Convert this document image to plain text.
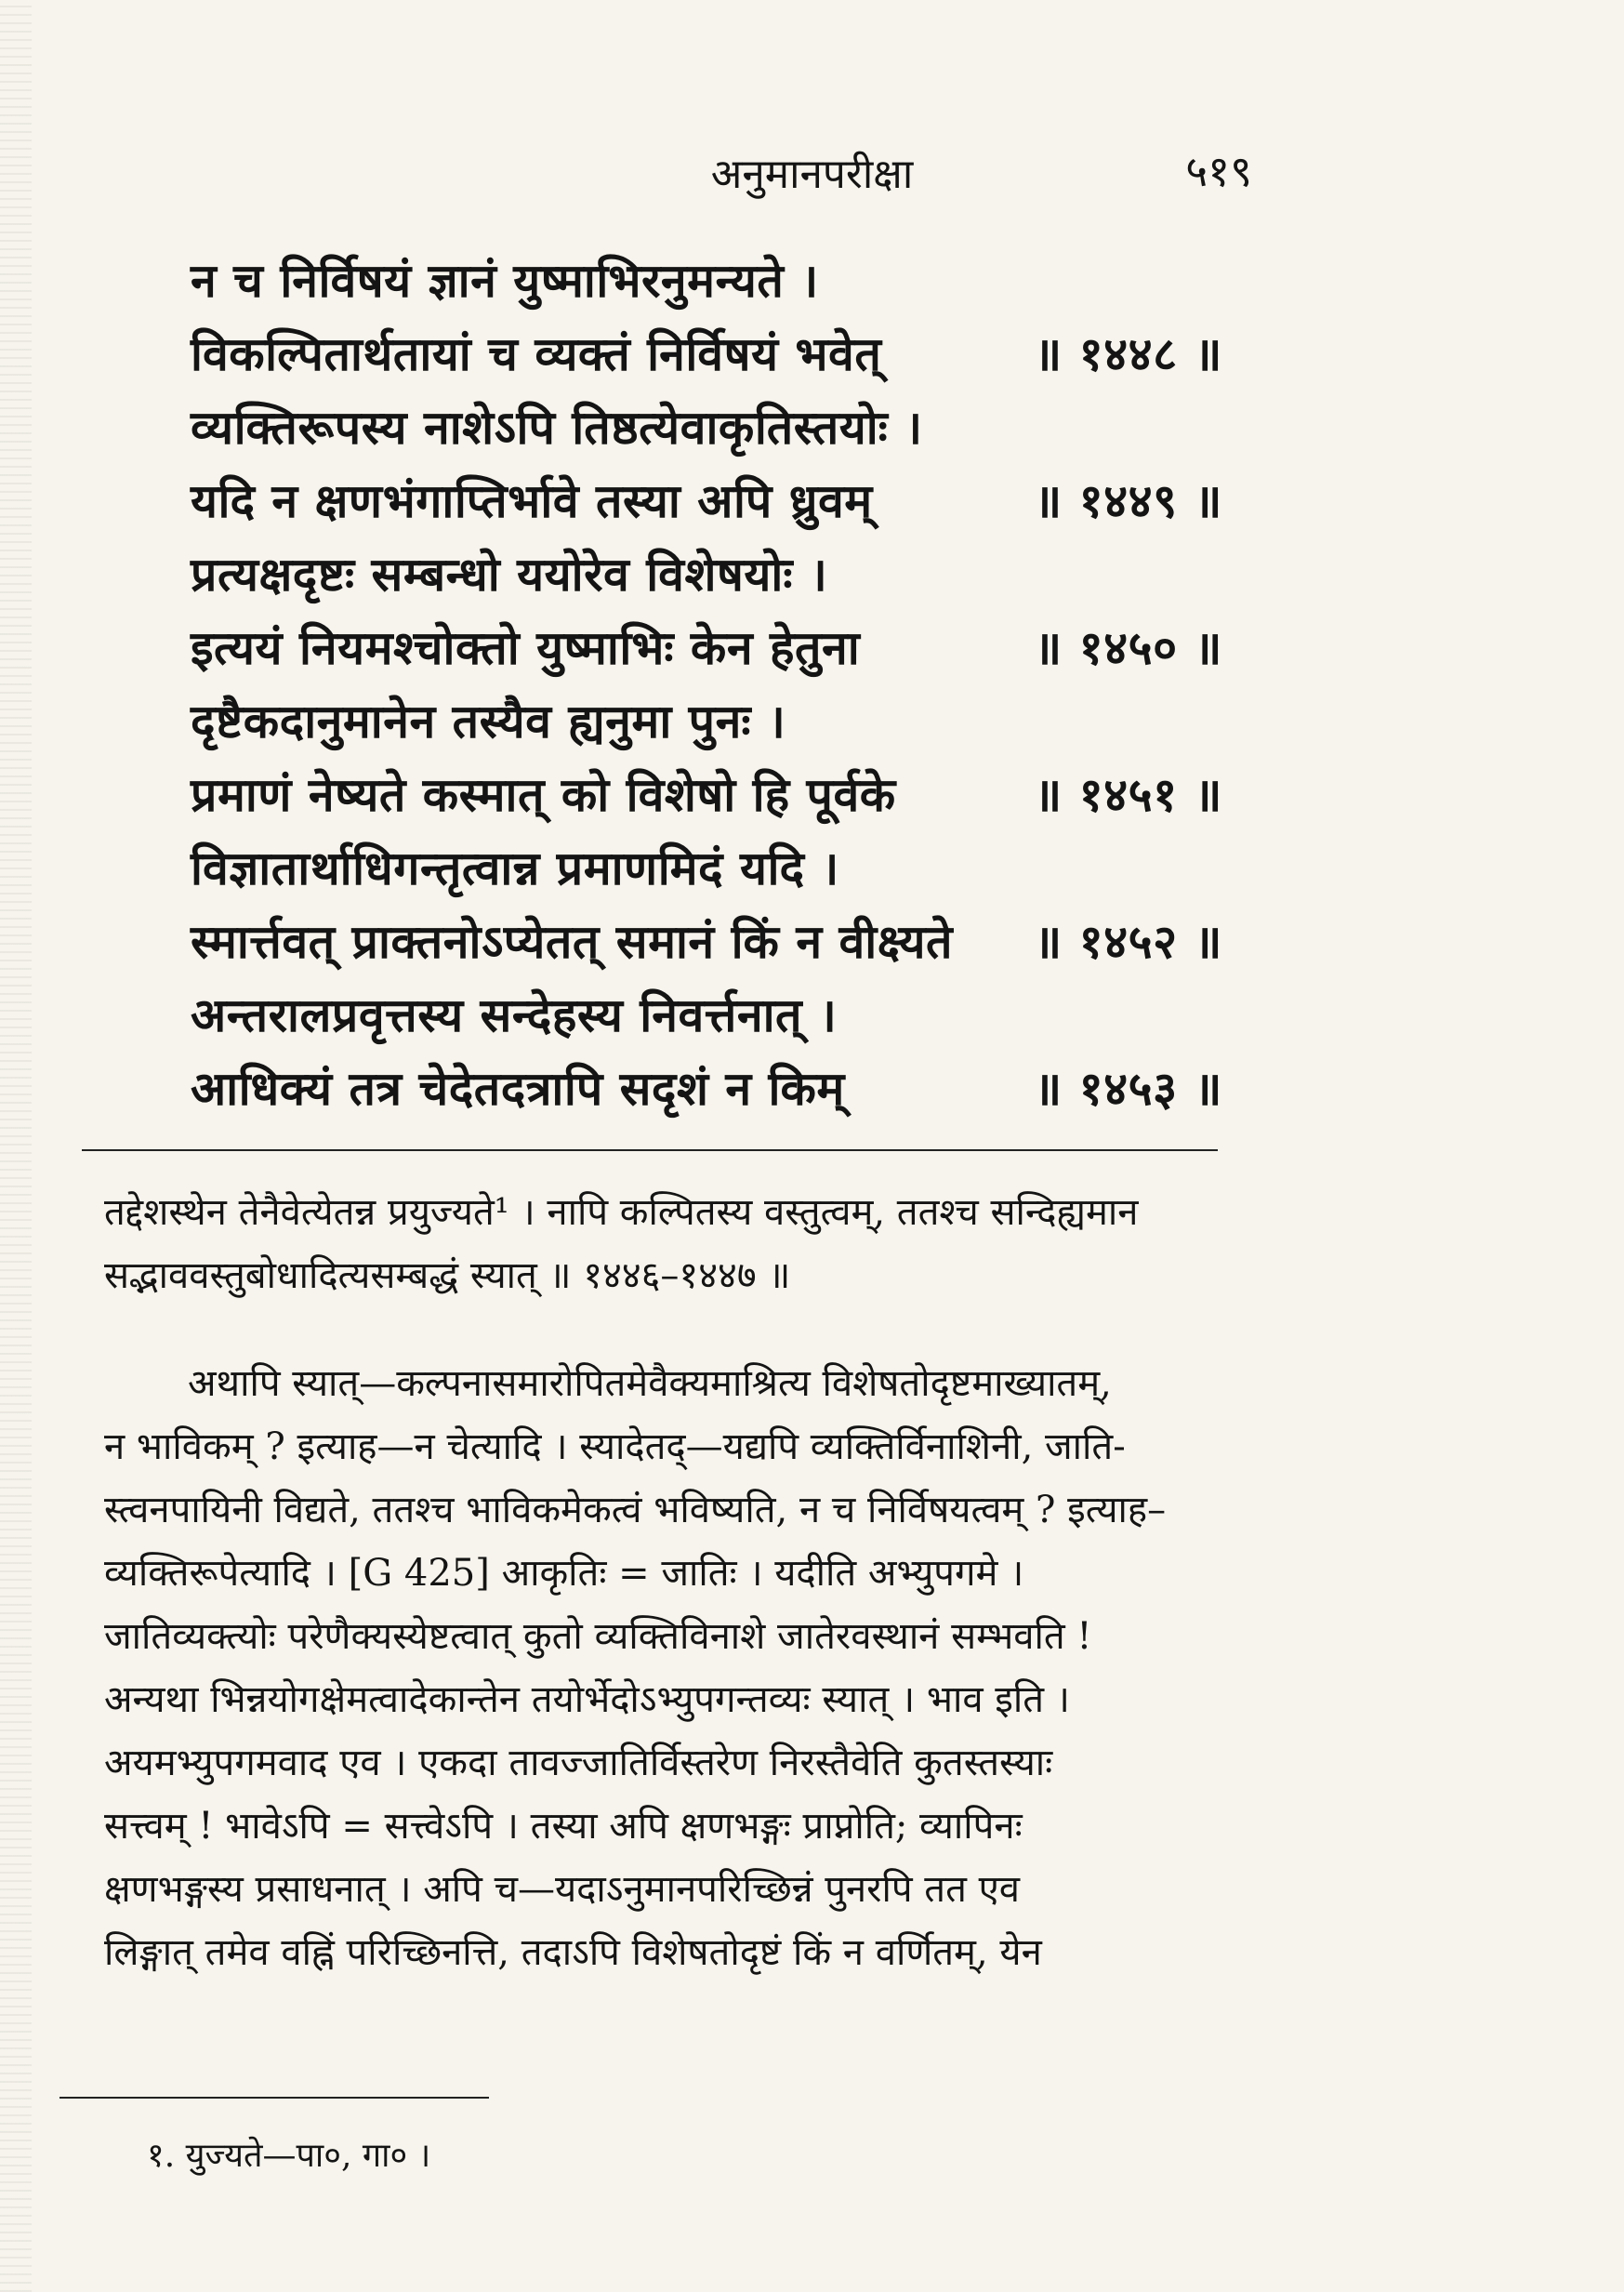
अनुमानपरीक्षा	५१९
न च निर्विषयं ज्ञानं युष्माभिरनुमन्यते ।
विकल्पितार्थतायां च व्यक्तं निर्विषयं भवेत्	॥ १४४८ ॥
व्यक्तिरूपस्य नाशेऽपि तिष्ठत्येवाकृतिस्तयोः ।
यदि न क्षणभंगाप्तिर्भावे तस्या अपि ध्रुवम्	॥ १४४९ ॥
प्रत्यक्षदृष्टः सम्बन्धो ययोरेव विशेषयोः ।
इत्ययं नियमश्चोक्तो युष्माभिः केन हेतुना	॥ १४५० ॥
दृष्टैकदानुमानेन तस्यैव ह्यनुमा पुनः ।
प्रमाणं नेष्यते कस्मात् को विशेषो हि पूर्वके	॥ १४५१ ॥
विज्ञातार्थाधिगन्तृत्वान्न प्रमाणमिदं यदि ।
स्मार्त्तवत् प्राक्तनोऽप्येतत् समानं किं न वीक्ष्यते ॥ १४५२ ॥
अन्तरालप्रवृत्तस्य सन्देहस्य निवर्त्तनात् ।
आधिक्यं तत्र चेदेतदत्रापि सदृशं न किम्	॥ १४५३ ॥
तद्देशस्थेन तेनैवेत्येतन्न प्रयुज्यते¹ । नापि कल्पितस्य वस्तुत्वम्, ततश्च सन्दिह्यमान
सद्भाववस्तुबोधादित्यसम्बद्धं स्यात् ॥ १४४६–१४४७ ॥
अथापि स्यात्—कल्पनासमारोपितमेवैक्यमाश्रित्य विशेषतोदृष्टमाख्यातम्,
न भाविकम् ? इत्याह—न चेत्यादि । स्यादेतद्—यद्यपि व्यक्तिर्विनाशिनी, जाति-
स्त्वनपायिनी विद्यते, ततश्च भाविकमेकत्वं भविष्यति, न च निर्विषयत्वम् ? इत्याह–
व्यक्तिरूपेत्यादि । [G 425] आकृतिः = जातिः । यदीति अभ्युपगमे ।
जातिव्यक्त्योः परेणैक्यस्येष्टत्वात् कुतो व्यक्तिविनाशे जातेरवस्थानं सम्भवति !
अन्यथा भिन्नयोगक्षेमत्वादेकान्तेन तयोर्भेदोऽभ्युपगन्तव्यः स्यात् । भाव इति ।
अयमभ्युपगमवाद एव । एकदा तावज्जातिर्विस्तरेण निरस्तैवेति कुतस्तस्याः
सत्त्वम् ! भावेऽपि = सत्त्वेऽपि । तस्या अपि क्षणभङ्गः प्राप्नोति; व्यापिनः
क्षणभङ्गस्य प्रसाधनात् । अपि च—यदाऽनुमानपरिच्छिन्नं पुनरपि तत एव
लिङ्गात् तमेव वह्निं परिच्छिनत्ति, तदाऽपि विशेषतोदृष्टं किं न वर्णितम्, येन
१. युज्यते—पा०, गा० ।
